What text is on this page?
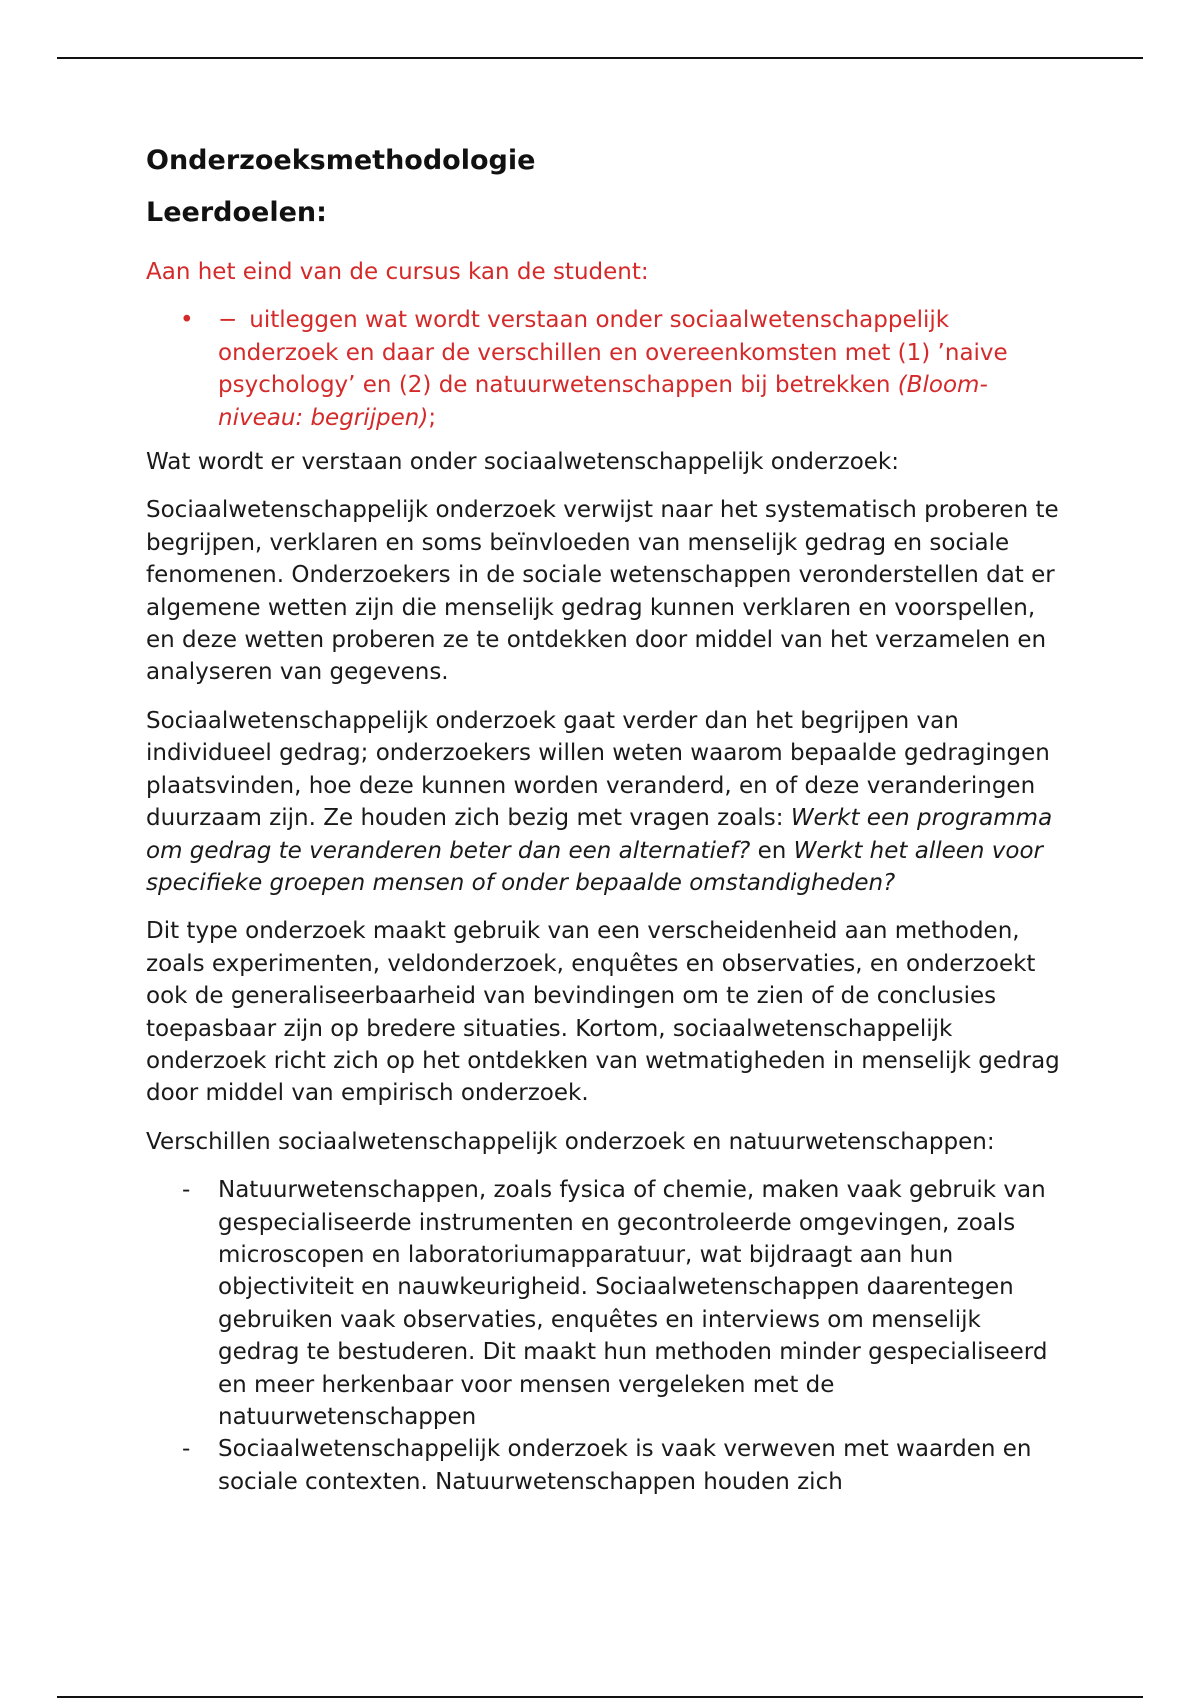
Onderzoeksmethodologie
Leerdoelen:

Aan het eind van de cursus kan de student:

• − uitleggen wat wordt verstaan onder sociaalwetenschappelijk onderzoek en daar de verschillen en overeenkomsten met (1) ’naive psychology’ en (2) de natuurwetenschappen bij betrekken (Bloom-niveau: begrijpen);

Wat wordt er verstaan onder sociaalwetenschappelijk onderzoek:

Sociaalwetenschappelijk onderzoek verwijst naar het systematisch proberen te begrijpen, verklaren en soms beïnvloeden van menselijk gedrag en sociale fenomenen. Onderzoekers in de sociale wetenschappen veronderstellen dat er algemene wetten zijn die menselijk gedrag kunnen verklaren en voorspellen, en deze wetten proberen ze te ontdekken door middel van het verzamelen en analyseren van gegevens.

Sociaalwetenschappelijk onderzoek gaat verder dan het begrijpen van individueel gedrag; onderzoekers willen weten waarom bepaalde gedragingen plaatsvinden, hoe deze kunnen worden veranderd, en of deze veranderingen duurzaam zijn. Ze houden zich bezig met vragen zoals: Werkt een programma om gedrag te veranderen beter dan een alternatief? en Werkt het alleen voor specifieke groepen mensen of onder bepaalde omstandigheden?

Dit type onderzoek maakt gebruik van een verscheidenheid aan methoden, zoals experimenten, veldonderzoek, enquêtes en observaties, en onderzoekt ook de generaliseerbaarheid van bevindingen om te zien of de conclusies toepasbaar zijn op bredere situaties. Kortom, sociaalwetenschappelijk onderzoek richt zich op het ontdekken van wetmatigheden in menselijk gedrag door middel van empirisch onderzoek.

Verschillen sociaalwetenschappelijk onderzoek en natuurwetenschappen:

- Natuurwetenschappen, zoals fysica of chemie, maken vaak gebruik van gespecialiseerde instrumenten en gecontroleerde omgevingen, zoals microscopen en laboratoriumapparatuur, wat bijdraagt aan hun objectiviteit en nauwkeurigheid. Sociaalwetenschappen daarentegen gebruiken vaak observaties, enquêtes en interviews om menselijk gedrag te bestuderen. Dit maakt hun methoden minder gespecialiseerd en meer herkenbaar voor mensen vergeleken met de natuurwetenschappen
- Sociaalwetenschappelijk onderzoek is vaak verweven met waarden en sociale contexten. Natuurwetenschappen houden zich
